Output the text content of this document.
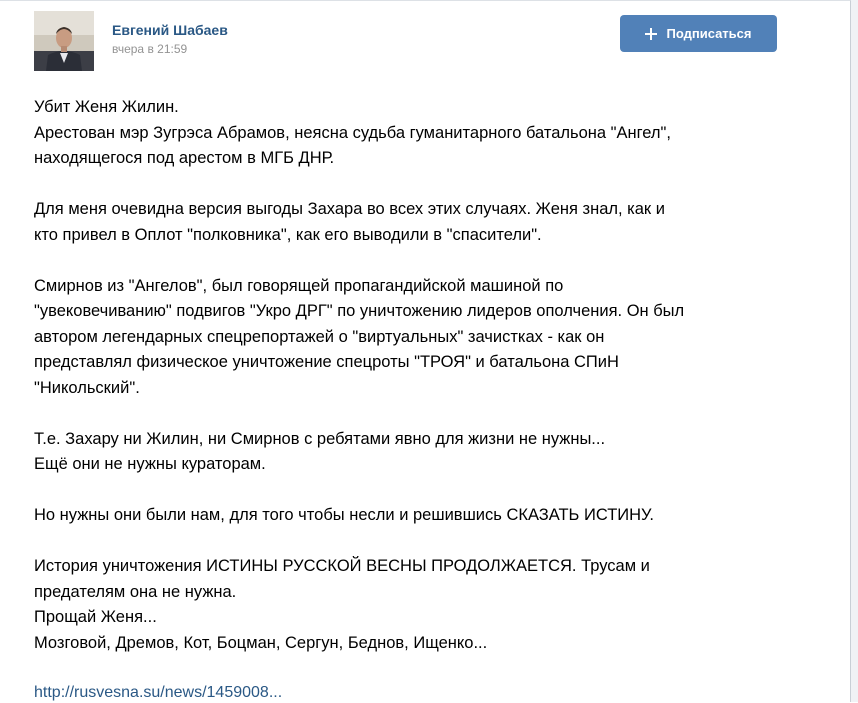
Евгений Шабаев
вчера в 21:59
Подписаться
Убит Женя Жилин.
Арестован мэр Зугрэса Абрамов, неясна судьба гуманитарного батальона "Ангел",
находящегося под арестом в МГБ ДНР.
Для меня очевидна версия выгоды Захара во всех этих случаях. Женя знал, как и
кто привел в Оплот "полковника", как его выводили в "спасители".
Смирнов из "Ангелов", был говорящей пропагандийской машиной по
"увековечиванию" подвигов "Укро ДРГ" по уничтожению лидеров ополчения. Он был
автором легендарных спецрепортажей о "виртуальных" зачистках - как он
представлял физическое уничтожение спецроты "ТРОЯ" и батальона СПиН
"Никольский".
Т.е. Захару ни Жилин, ни Смирнов с ребятами явно для жизни не нужны...
Ещё они не нужны кураторам.
Но нужны они были нам, для того чтобы несли и решившись СКАЗАТЬ ИСТИНУ.
История уничтожения ИСТИНЫ РУССКОЙ ВЕСНЫ ПРОДОЛЖАЕТСЯ. Трусам и
предателям она не нужна.
Прощай Женя...
Мозговой, Дремов, Кот, Боцман, Сергун, Беднов, Ищенко...
http://rusvesna.su/news/1459008...
